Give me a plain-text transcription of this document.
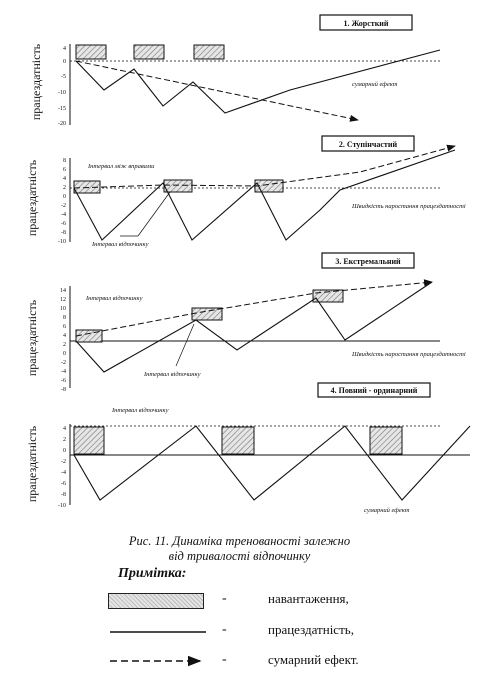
1. Жорсткий
працездатність	4
0
-5
-10
-15
-20
сумарний ефект
2. Ступінчастий
працездатність	8
6
4
2
0
-2
-4
-6
-8
-10
Інтервал між вправами
Інтервал відпочинку
Швидкість наростання працездатності
3. Екстремальний
працездатність
14
12
10
8
6
4
2
0
-2
-4
-6
-8
Інтервал відпочинку
Інтервал відпочинку
Швидкість наростання працездатності
4. Повний - ординарний
Інтервал відпочинку
працездатність	4
2
0
-2
-4
-6
-8
-10
сумарний ефект
Рис. 11. Динаміка тренованості залежно
від тривалості відпочинку
Примітка:
-	навантаження,
-	працездатність,
-	сумарний ефект.
